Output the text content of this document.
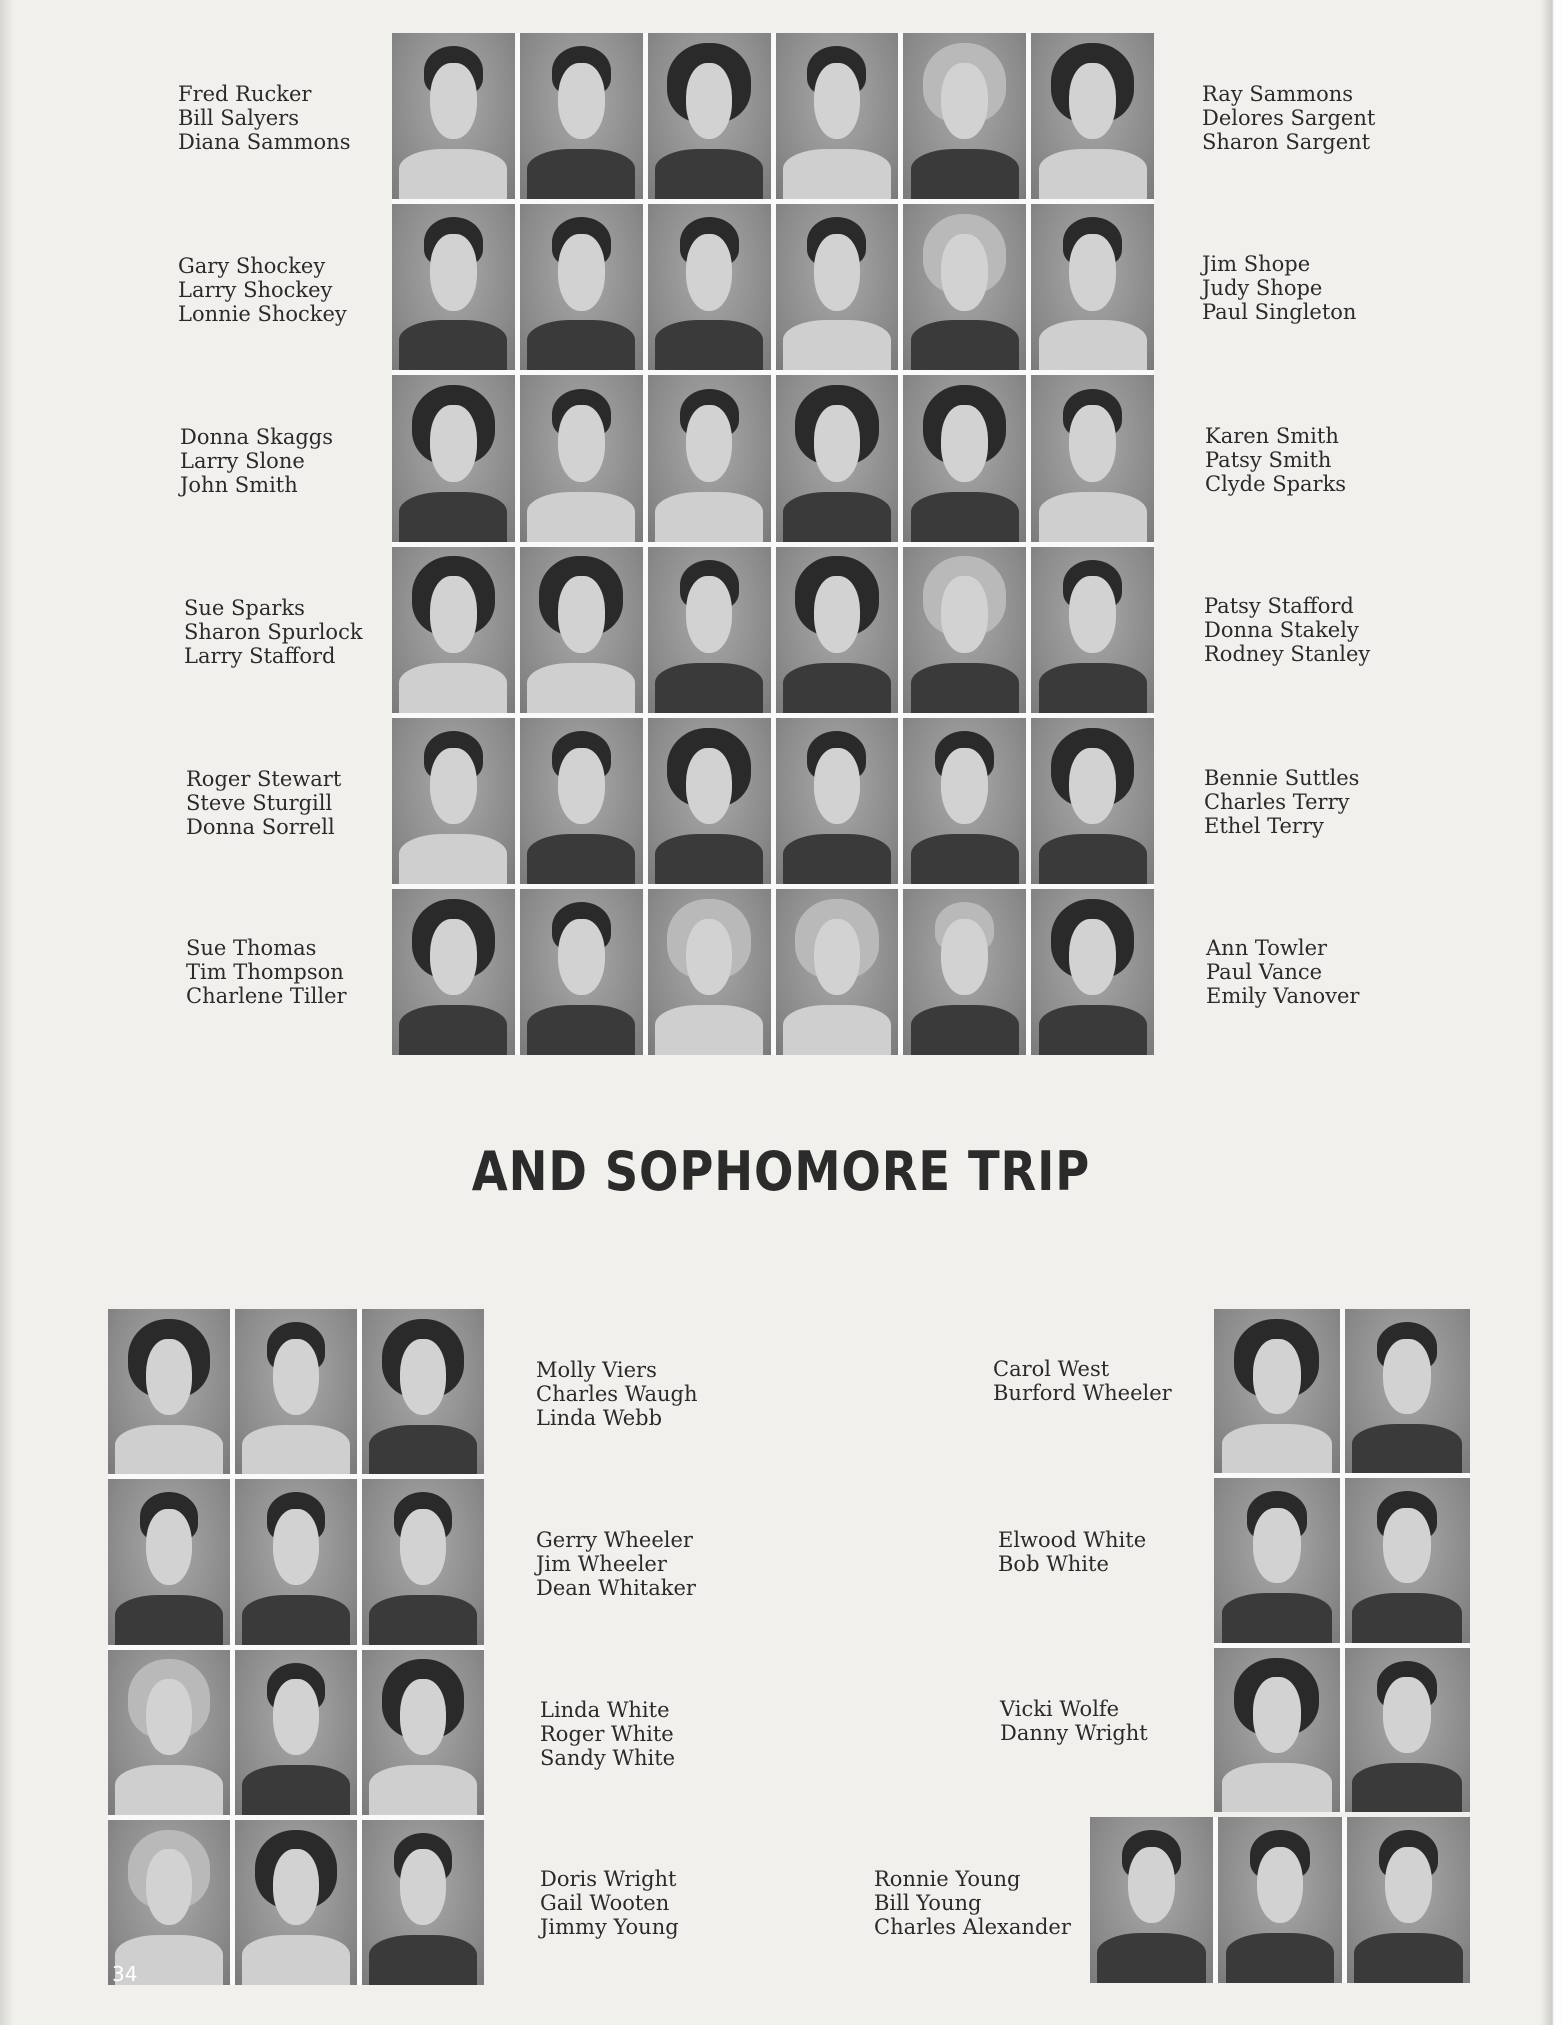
Fred Rucker
Bill Salyers
Diana Sammons
Ray Sammons
Delores Sargent
Sharon Sargent
Gary Shockey
Larry Shockey
Lonnie Shockey
Jim Shope
Judy Shope
Paul Singleton
Donna Skaggs
Larry Slone
John Smith
Karen Smith
Patsy Smith
Clyde Sparks
Sue Sparks
Sharon Spurlock
Larry Stafford
Patsy Stafford
Donna Stakely
Rodney Stanley
Roger Stewart
Steve Sturgill
Donna Sorrell
Bennie Suttles
Charles Terry
Ethel Terry
Sue Thomas
Tim Thompson
Charlene Tiller
Ann Towler
Paul Vance
Emily Vanover
AND SOPHOMORE TRIP
34
Molly Viers
Charles Waugh
Linda Webb
Gerry Wheeler
Jim Wheeler
Dean Whitaker
Linda White
Roger White
Sandy White
Doris Wright
Gail Wooten
Jimmy Young
Carol West
Burford Wheeler
Elwood White
Bob White
Vicki Wolfe
Danny Wright
Ronnie Young
Bill Young
Charles Alexander
